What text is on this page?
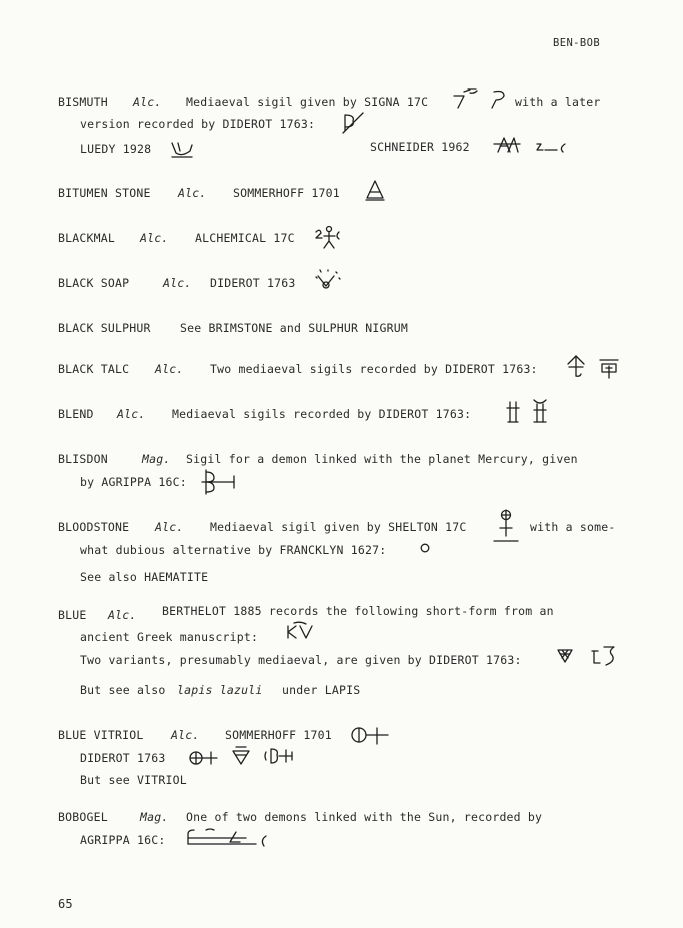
BEN-BOB
BISMUTH Alc. Mediaeval sigil given by SIGNA 17C	with a later
version recorded by DIDEROT 1763:
LUEDY 1928	SCHNEIDER 1962
BITUMEN STONE Alc. SOMMERHOFF 1701
BLACKMAL Alc. ALCHEMICAL 17C
BLACK SOAP	Alc. DIDEROT 1763
BLACK SULPHUR	See BRIMSTONE and SULPHUR NIGRUM
BLACK TALC Alc. Two mediaeval sigils recorded by DIDEROT 1763:
BLEND Alc. Mediaeval sigils recorded by DIDEROT 1763:
BLISDON	Mag. Sigil for a demon linked with the planet Mercury, given
by AGRIPPA 16C:
BLOODSTONE Alc. Mediaeval sigil given by SHELTON 17C	with a some-
what dubious alternative by FRANCKLYN 1627:
See also HAEMATITE
BLUE Alc. BERTHELOT 1885 records the following short-form from an
ancient Greek manuscript:
Two variants, presumably mediaeval, are given by DIDEROT 1763:
But see also lapis lazuli under LAPIS
BLUE VITRIOL Alc. SOMMERHOFF 1701
DIDEROT 1763
But see VITRIOL
BOBOGEL	Mag. One of two demons linked with the Sun, recorded by
AGRIPPA 16C:
65
